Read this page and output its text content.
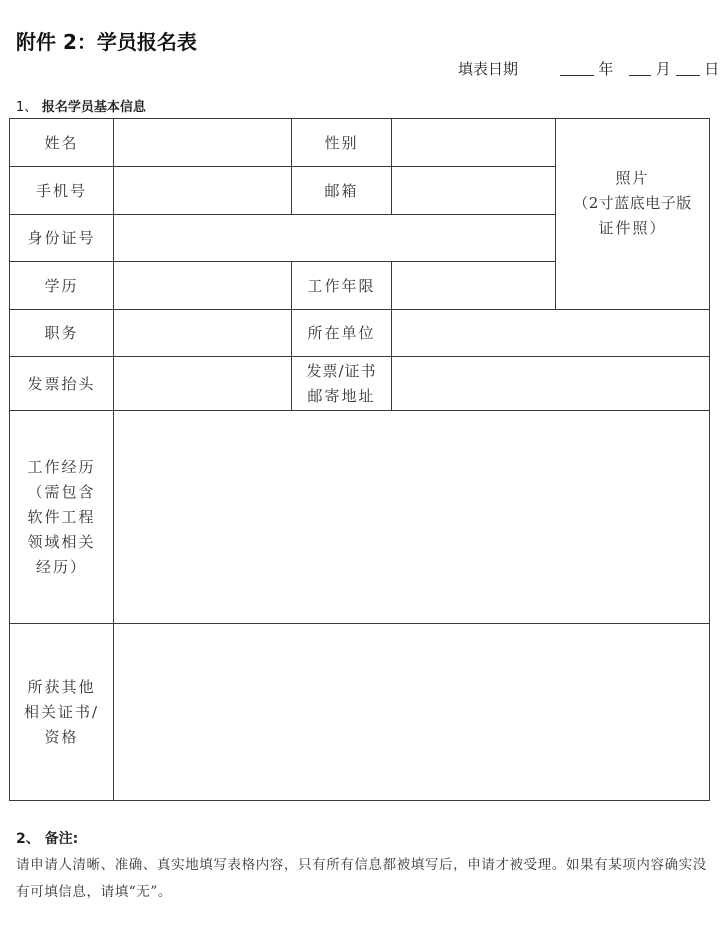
附件 2：学员报名表
填表日期	年	月 日
1、 报名学员基本信息
姓名		性别		照片
（2寸蓝底电子版
证件照）

手机号		邮箱		
身份证号				
学历		工作年限		
职务		所在单位		
发票抬头		发票/证书
邮寄地址		

工作经历
（需包含
软件工程
领域相关
经历）				

所获其他
相关证书/
资格				

2、 备注:
请申请人清晰、准确、真实地填写表格内容，只有所有信息都被填写后，申请才被受理。如果有某项内容确实没有可填信息，请填“无”。
